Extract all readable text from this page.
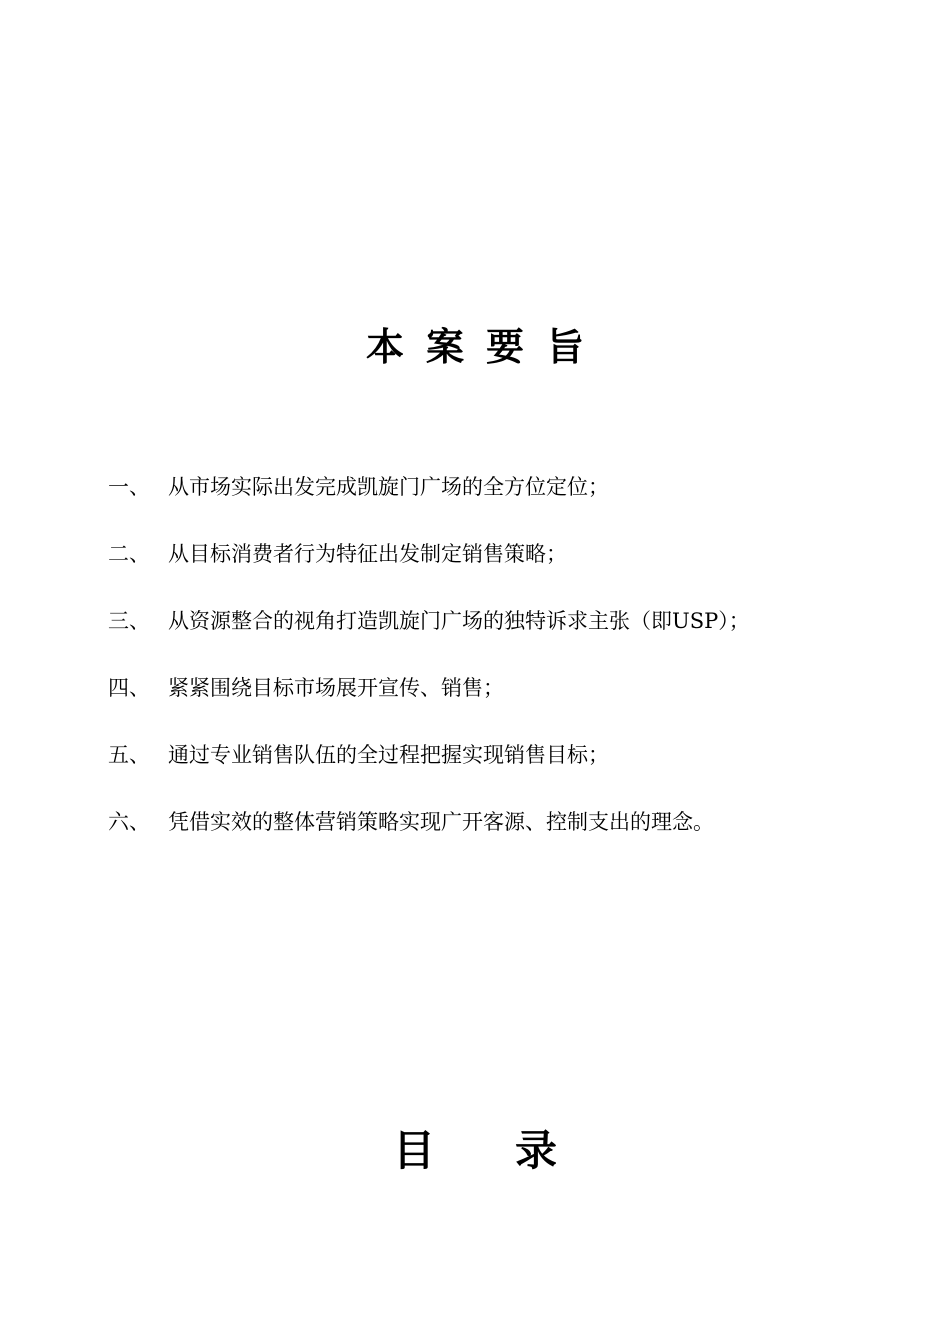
本案要旨
一、 从市场实际出发完成凯旋门广场的全方位定位；
二、 从目标消费者行为特征出发制定销售策略；
三、 从资源整合的视角打造凯旋门广场的独特诉求主张（即USP）；
四、 紧紧围绕目标市场展开宣传、销售；
五、 通过专业销售队伍的全过程把握实现销售目标；
六、 凭借实效的整体营销策略实现广开客源、控制支出的理念。
目 录
